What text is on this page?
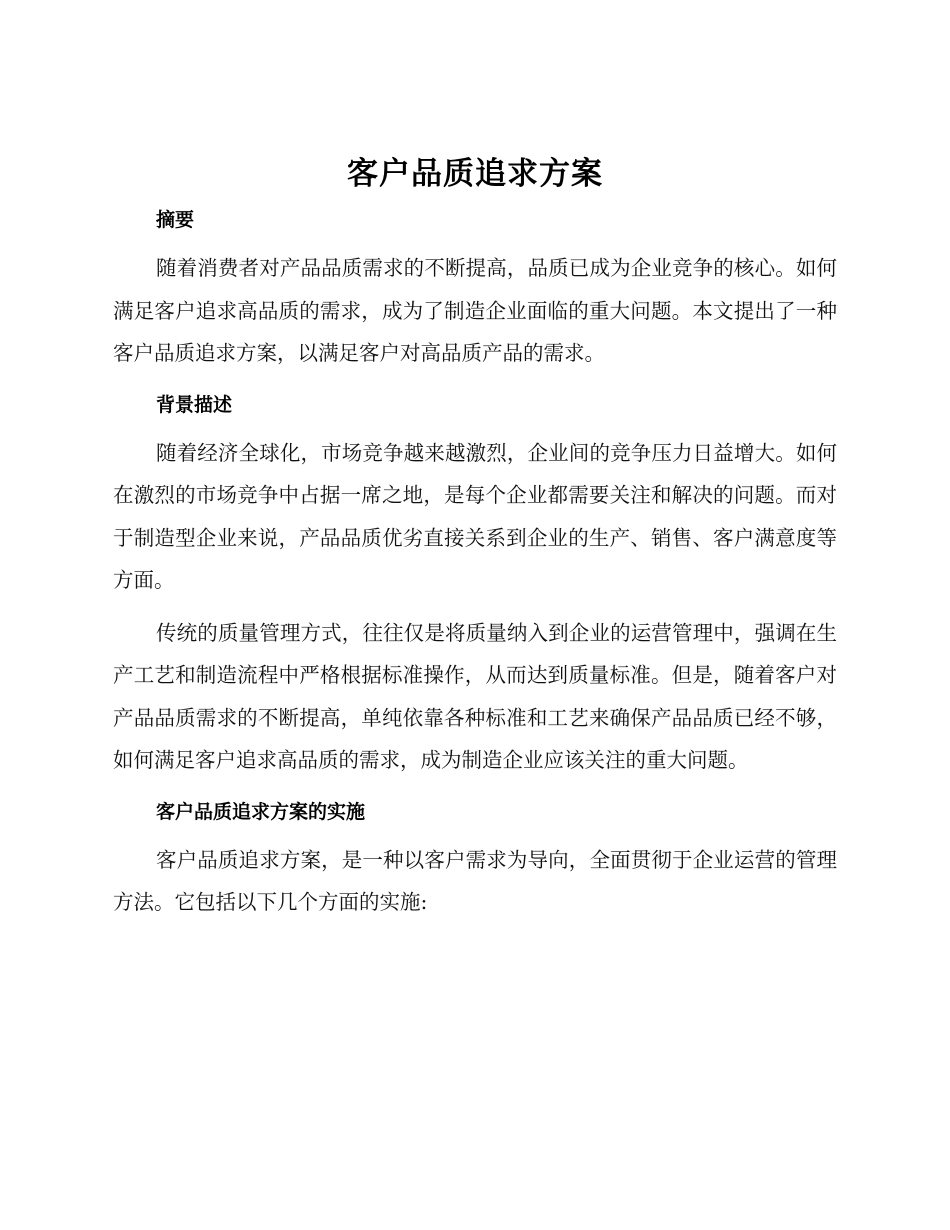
客户品质追求方案
摘要

随着消费者对产品品质需求的不断提高，品质已成为企业竞争的核心。如何满足客户追求高品质的需求，成为了制造企业面临的重大问题。本文提出了一种客户品质追求方案，以满足客户对高品质产品的需求。

背景描述

随着经济全球化，市场竞争越来越激烈，企业间的竞争压力日益增大。如何在激烈的市场竞争中占据一席之地，是每个企业都需要关注和解决的问题。而对于制造型企业来说，产品品质优劣直接关系到企业的生产、销售、客户满意度等方面。

传统的质量管理方式，往往仅是将质量纳入到企业的运营管理中，强调在生产工艺和制造流程中严格根据标准操作，从而达到质量标准。但是，随着客户对产品品质需求的不断提高，单纯依靠各种标准和工艺来确保产品品质已经不够，如何满足客户追求高品质的需求，成为制造企业应该关注的重大问题。

客户品质追求方案的实施

客户品质追求方案，是一种以客户需求为导向，全面贯彻于企业运营的管理方法。它包括以下几个方面的实施:
